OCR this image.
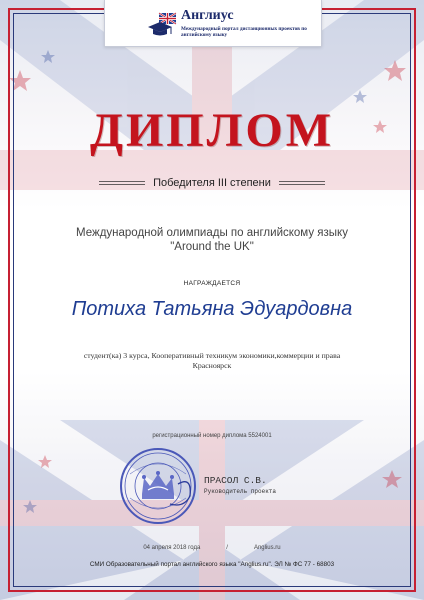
Англиус
Международный портал дистанционных проектов по английскому языку
ДИПЛОМ
Победителя III степени
Международной олимпиады по английскому языку
"Around the UK"
НАГРАЖДАЕТСЯ
Потиха Татьяна Эдуардовна
студент(ка) 3 курса, Кооперативный техникум экономики,коммерции и права
Красноярск
регистрационный номер диплома 5524001
ПРАСОЛ С.В.
Руководитель проекта
04 апреля 2018 года	/	Anglius.ru
СМИ Образовательный портал английского языка "Anglius.ru". ЭЛ № ФС 77 - 68803
